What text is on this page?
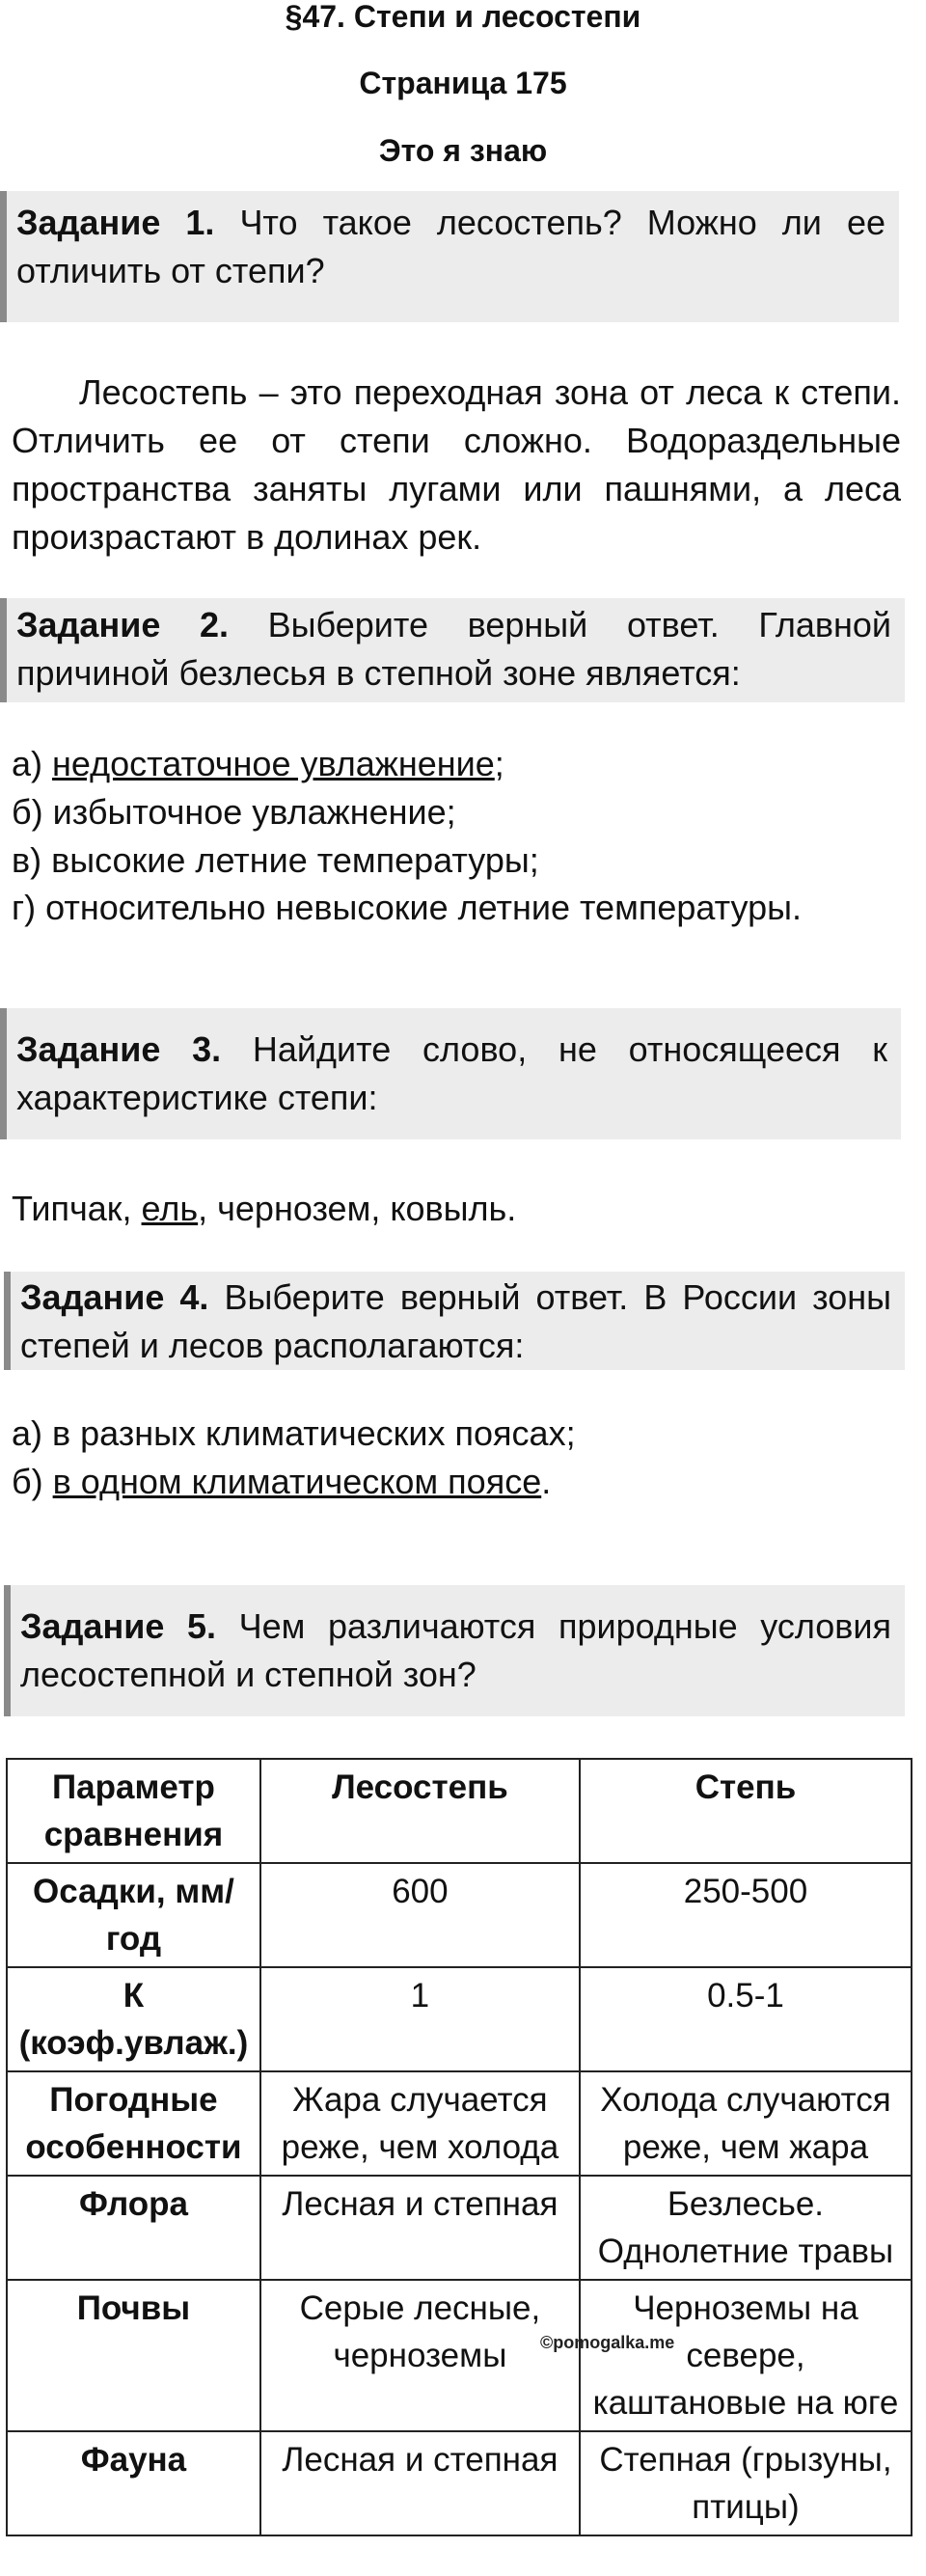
§47. Степи и лесостепи
Страница 175
Это я знаю
Задание 1. Что такое лесостепь? Можно ли ее отличить от степи?
Лесостепь – это переходная зона от леса к степи. Отличить ее от степи сложно. Водораздельные пространства заняты лугами или пашнями, а леса произрастают в долинах рек.
Задание 2. Выберите верный ответ. Главной причиной безлесья в степной зоне является:
а) недостаточное увлажнение;
б) избыточное увлажнение;
в) высокие летние температуры;
г) относительно невысокие летние температуры.
Задание 3. Найдите слово, не относящееся к характеристике степи:
Типчак, ель, чернозем, ковыль.
Задание 4. Выберите верный ответ. В России зоны степей и лесов располагаются:
а) в разных климатических поясах;
б) в одном климатическом поясе.
Задание 5. Чем различаются природные условия лесостепной и степной зон?
Параметр сравнения	Лесостепь	Степь
Осадки, мм/год	600	250-500
К (коэф.увлаж.)	1	0.5-1
Погодные особенности	Жара случается реже, чем холода	Холода случаются реже, чем жара
Флора	Лесная и степная	Безлесье. Однолетние травы
Почвы	Серые лесные, черноземы	Черноземы на севере, каштановые на юге
Фауна	Лесная и степная	Степная (грызуны, птицы)
©pomogalka.me
